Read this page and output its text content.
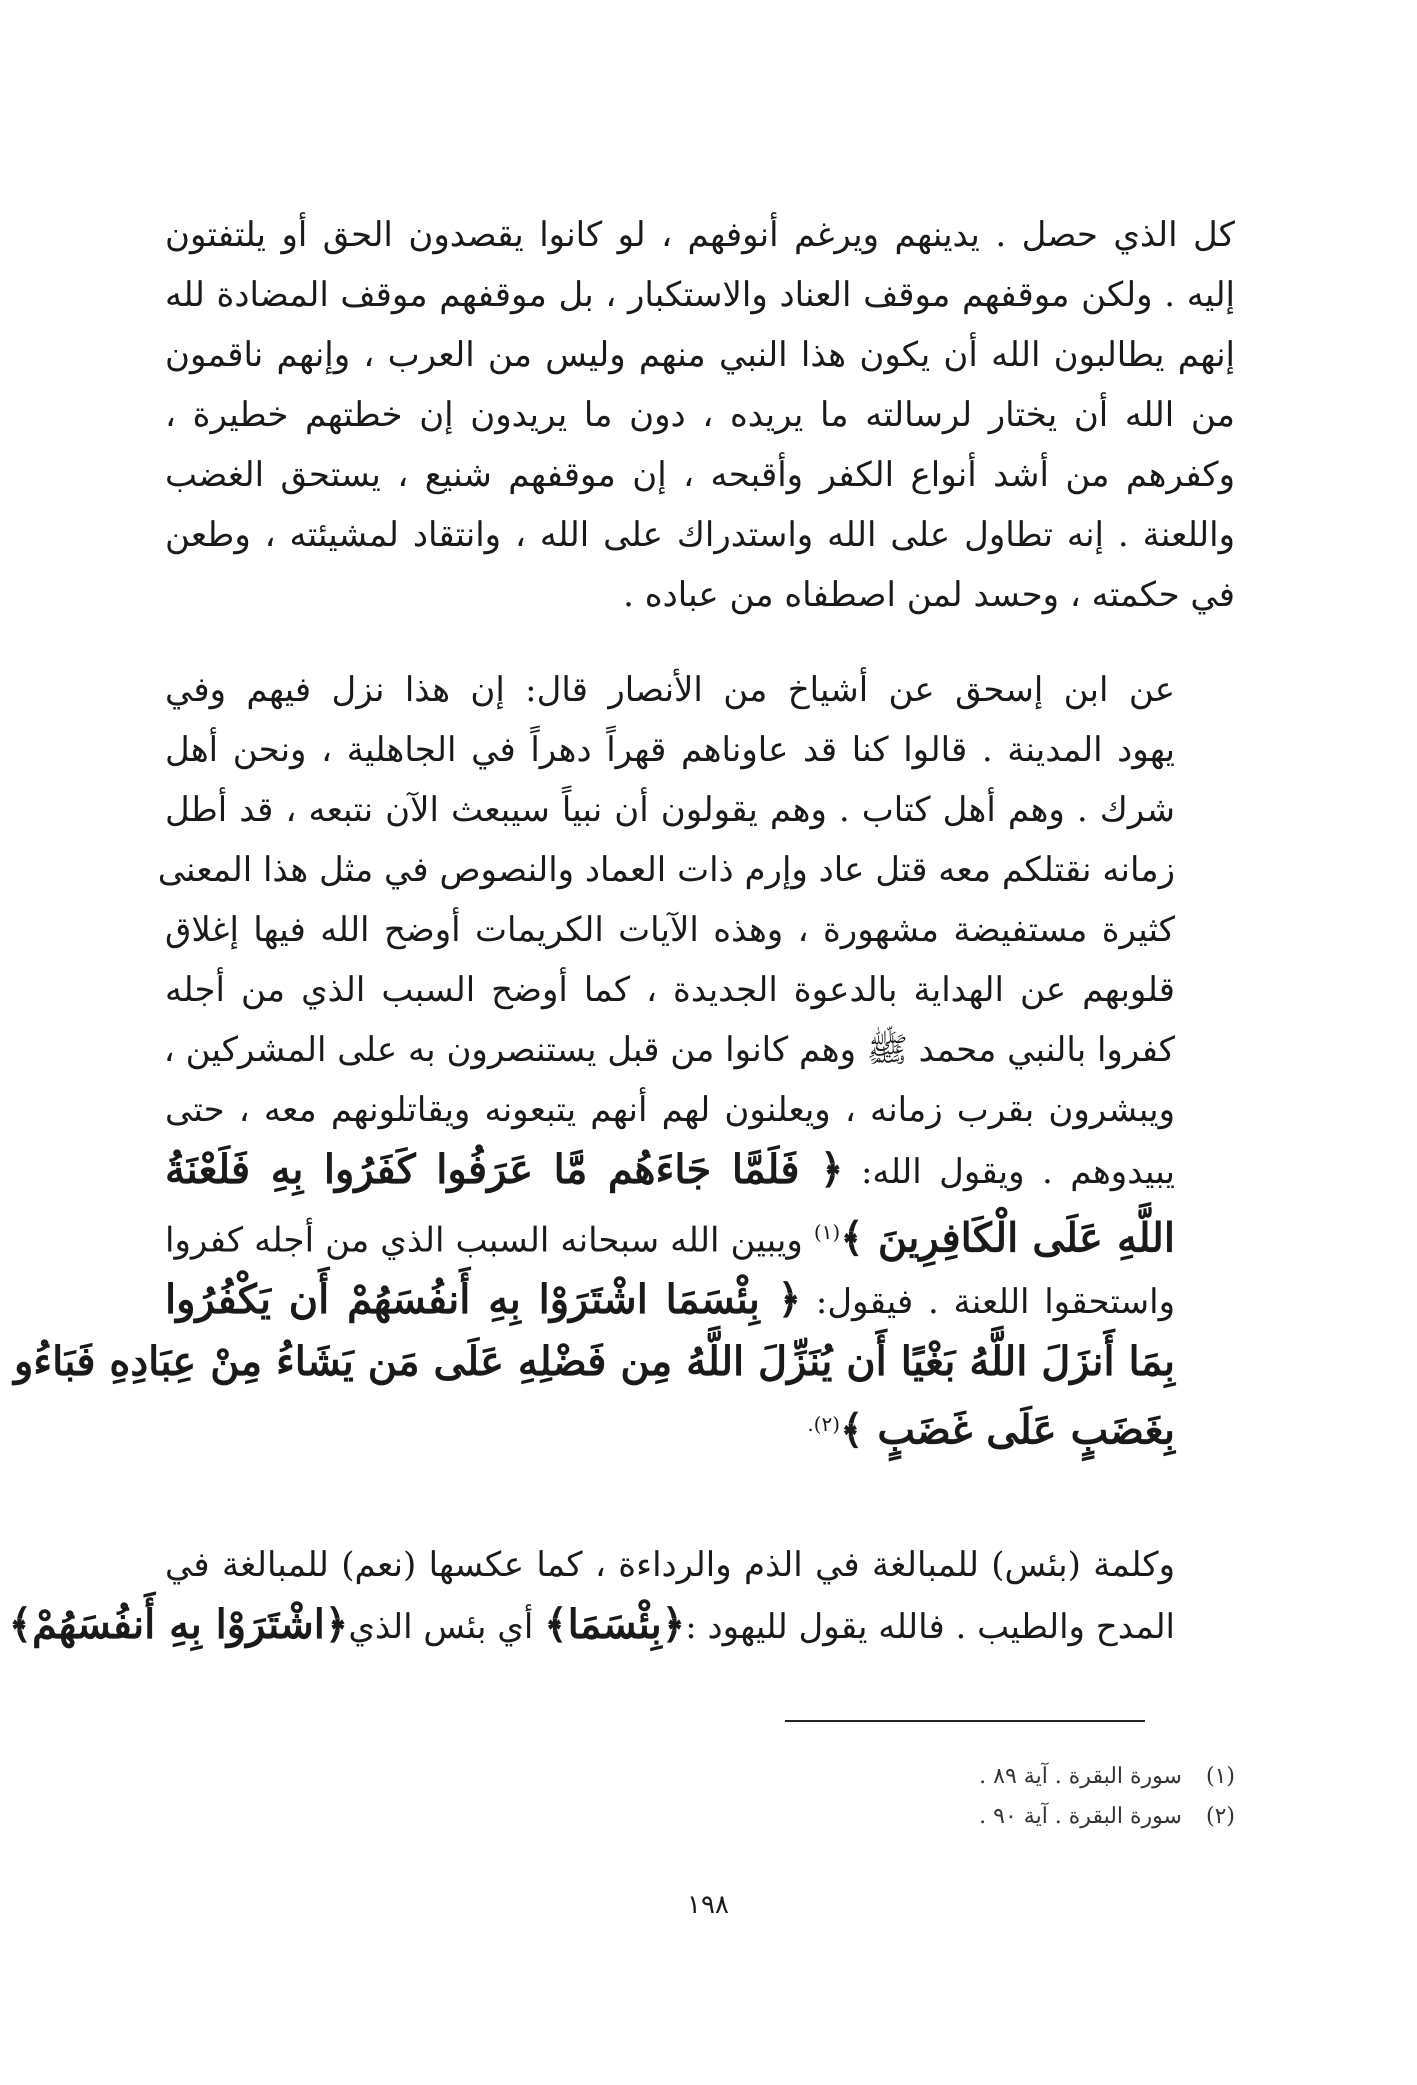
كل الذي حصل . يدينهم ويرغم أنوفهم ، لو كانوا يقصدون الحق أو يلتفتون
إليه . ولكن موقفهم موقف العناد والاستكبار ، بل موقفهم موقف المضادة لله
إنهم يطالبون الله أن يكون هذا النبي منهم وليس من العرب ، وإنهم ناقمون
من الله أن يختار لرسالته ما يريده ، دون ما يريدون إن خطتهم خطيرة ،
وكفرهم من أشد أنواع الكفر وأقبحه ، إن موقفهم شنيع ، يستحق الغضب
واللعنة . إنه تطاول على الله واستدراك على الله ، وانتقاد لمشيئته ، وطعن
في حكمته ، وحسد لمن اصطفاه من عباده .
عن ابن إسحق عن أشياخ من الأنصار قال: إن هذا نزل فيهم وفي
يهود المدينة . قالوا كنا قد عاوناهم قهراً دهراً في الجاهلية ، ونحن أهل
شرك . وهم أهل كتاب . وهم يقولون أن نبياً سيبعث الآن نتبعه ، قد أطل
زمانه نقتلكم معه قتل عاد وإرم ذات العماد والنصوص في مثل هذا المعنى
كثيرة مستفيضة مشهورة ، وهذه الآيات الكريمات أوضح الله فيها إغلاق
قلوبهم عن الهداية بالدعوة الجديدة ، كما أوضح السبب الذي من أجله
كفروا بالنبي محمد ﷺ وهم كانوا من قبل يستنصرون به على المشركين ،
ويبشرون بقرب زمانه ، ويعلنون لهم أنهم يتبعونه ويقاتلونهم معه ، حتى
يبيدوهم . ويقول الله: ﴿ فَلَمَّا جَاءَهُم مَّا عَرَفُوا كَفَرُوا بِهِ فَلَعْنَةُ
اللَّهِ عَلَى الْكَافِرِينَ ﴾$^{(١)}$ ويبين الله سبحانه السبب الذي من أجله كفروا
واستحقوا اللعنة . فيقول: ﴿ بِئْسَمَا اشْتَرَوْا بِهِ أَنفُسَهُمْ أَن يَكْفُرُوا
بِمَا أَنزَلَ اللَّهُ بَغْيًا أَن يُنَزِّلَ اللَّهُ مِن فَضْلِهِ عَلَى مَن يَشَاءُ مِنْ عِبَادِهِ فَبَاءُو
بِغَضَبٍ عَلَى غَضَبٍ ﴾$^{(٢).}$
وكلمة (بئس) للمبالغة في الذم والرداءة ، كما عكسها (نعم) للمبالغة في
المدح والطيب . فالله يقول لليهود :﴿بِئْسَمَا﴾ أي بئس الذي﴿اشْتَرَوْا بِهِ أَنفُسَهُمْ﴾
(١)سورة البقرة . آية ٨٩ .
(٢)سورة البقرة . آية ٩٠ .
١٩٨
